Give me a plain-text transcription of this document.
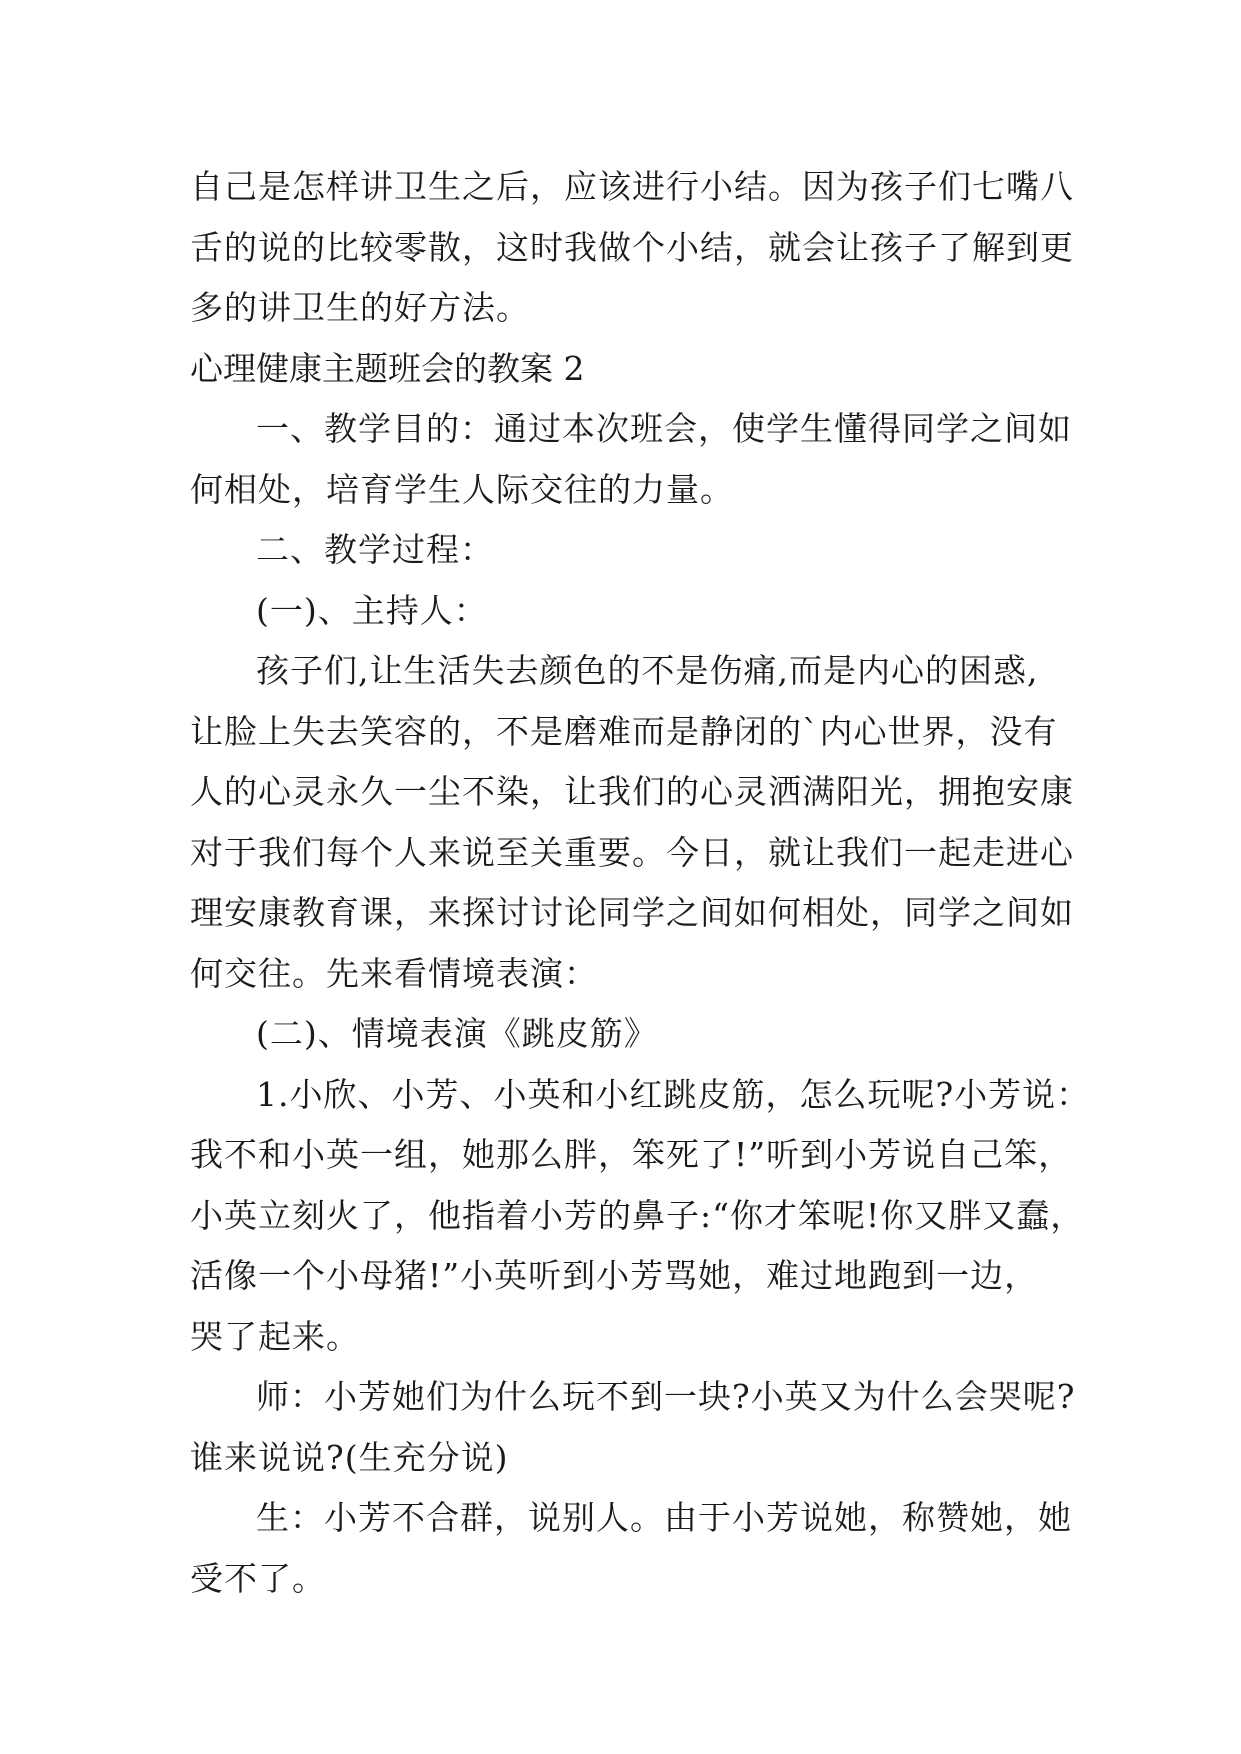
自己是怎样讲卫生之后，应该进行小结。因为孩子们七嘴八
舌的说的比较零散，这时我做个小结，就会让孩子了解到更
多的讲卫生的好方法。
心理健康主题班会的教案 2
一、教学目的：通过本次班会，使学生懂得同学之间如
何相处，培育学生人际交往的力量。
二、教学过程：
(一)、主持人：
孩子们,让生活失去颜色的不是伤痛,而是内心的困惑,
让脸上失去笑容的，不是磨难而是静闭的`内心世界，没有
人的心灵永久一尘不染，让我们的心灵洒满阳光，拥抱安康
对于我们每个人来说至关重要。今日，就让我们一起走进心
理安康教育课，来探讨讨论同学之间如何相处，同学之间如
何交往。先来看情境表演：
(二)、情境表演《跳皮筋》
1.小欣、小芳、小英和小红跳皮筋，怎么玩呢?小芳说：
我不和小英一组，她那么胖，笨死了!”听到小芳说自己笨，
小英立刻火了，他指着小芳的鼻子:“你才笨呢!你又胖又蠢，
活像一个小母猪!”小英听到小芳骂她，难过地跑到一边，
哭了起来。
师：小芳她们为什么玩不到一块?小英又为什么会哭呢?
谁来说说?(生充分说)
生：小芳不合群，说别人。由于小芳说她，称赞她，她
受不了。
